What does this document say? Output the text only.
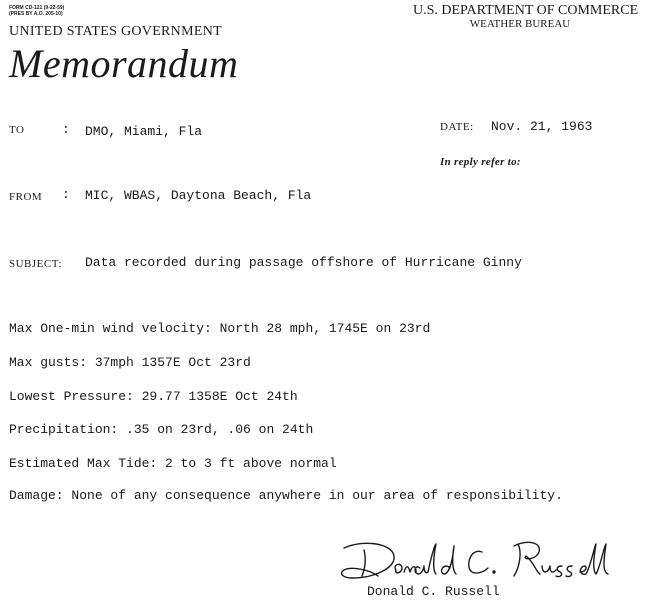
FORM CD-121 (9-22-59)
(PRES BY A.O. 205-10)	U.S. DEPARTMENT OF COMMERCE
WEATHER BUREAU
UNITED STATES GOVERNMENT
Memorandum
TO	: DMO, Miami, Fla	DATE: Nov. 21, 1963
In reply refer to:
FROM : MIC, WBAS, Daytona Beach, Fla
SUBJECT: Data recorded during passage offshore of Hurricane Ginny
Max One-min wind velocity: North 28 mph, 1745E on 23rd
Max gusts: 37mph 1357E Oct 23rd
Lowest Pressure: 29.77 1358E Oct 24th
Precipitation: .35 on 23rd, .06 on 24th
Estimated Max Tide: 2 to 3 ft above normal
Damage: None of any consequence anywhere in our area of responsibility.
Donald C. Russell
